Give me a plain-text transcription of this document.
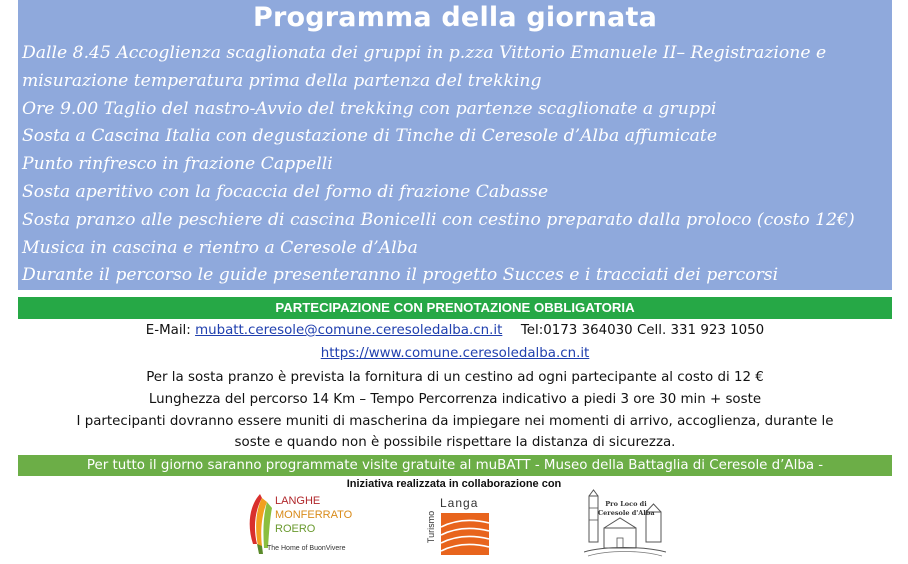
Programma della giornata
Dalle 8.45 Accoglienza scaglionata dei gruppi in p.zza Vittorio Emanuele II– Registrazione e
misurazione temperatura prima della partenza del trekking
Ore 9.00 Taglio del nastro-Avvio del trekking con partenze scaglionate a gruppi
Sosta a Cascina Italia con degustazione di Tinche di Ceresole d’Alba affumicate
Punto rinfresco in frazione Cappelli
Sosta aperitivo con la focaccia del forno di frazione Cabasse
Sosta pranzo alle peschiere di cascina Bonicelli con cestino preparato dalla proloco (costo 12€)
Musica in cascina e rientro a Ceresole d’Alba
Durante il percorso le guide presenteranno il progetto Succes e i tracciati dei percorsi
PARTECIPAZIONE CON PRENOTAZIONE OBBLIGATORIA
E-Mail: mubatt.ceresole@comune.ceresoledalba.cn.it Tel:0173 364030 Cell. 331 923 1050
https://www.comune.ceresoledalba.cn.it
Per la sosta pranzo è prevista la fornitura di un cestino ad ogni partecipante al costo di 12 €
Lunghezza del percorso 14 Km – Tempo Percorrenza indicativo a piedi 3 ore 30 min + soste
I partecipanti dovranno essere muniti di mascherina da impiegare nei momenti di arrivo, accoglienza, durante le
soste e quando non è possibile rispettare la distanza di sicurezza.
Per tutto il giorno saranno programmate visite gratuite al muBATT - Museo della Battaglia di Ceresole d’Alba -
Iniziativa realizzata in collaborazione con
LANGHE
MONFERRATO
ROERO
The Home of BuonVivere
Turismo
Langa	Pro Loco di
Ceresole d'Alba
